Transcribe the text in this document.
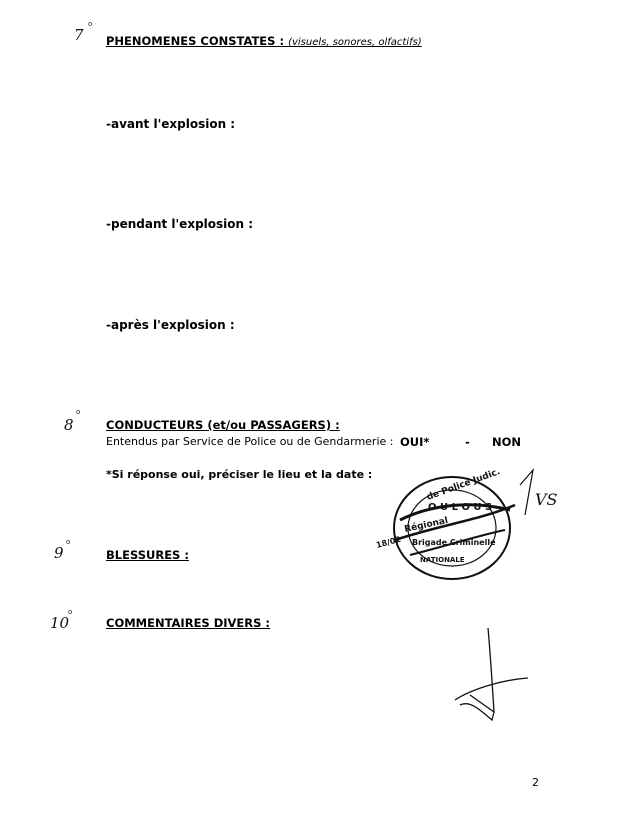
7
o

PHENOMENES CONSTATES : (visuels, sonores, olfactifs)

-avant l'explosion :

-pendant l'explosion :

-après l'explosion :

8
o

CONDUCTEURS (et/ou PASSAGERS) :

Entendus par Service de Police ou de Gendarmerie : OUI*	- NON

*Si réponse oui, préciser le lieu et la date :

9
o

BLESSURES :

10
o

COMMENTAIRES DIVERS :

de Police Judic.
O U L O U S
Régional
Brigade Criminelle
NATIONALE
18/02
VS

2
